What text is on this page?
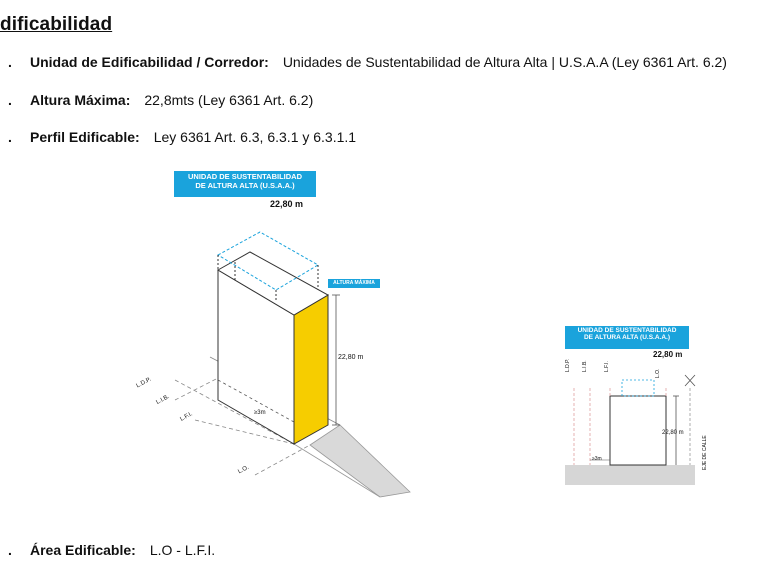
dificabilidad
. Unidad de Edificabilidad / Corredor: Unidades de Sustentabilidad de Altura Alta | U.S.A.A (Ley 6361 Art. 6.2)
. Altura Máxima: 22,8mts (Ley 6361 Art. 6.2)
. Perfil Edificable: Ley 6361 Art. 6.3, 6.3.1 y 6.3.1.1
UNIDAD DE SUSTENTABILIDAD
DE ALTURA ALTA (U.S.A.A.)
22,80 m
ALTURA MÁXIMA
22,80 m
≥3m
L.D.P.
L.I.B.
L.F.I.
L.O.
UNIDAD DE SUSTENTABILIDAD
DE ALTURA ALTA (U.S.A.A.)
22,80 m
L.D.P. L.I.B.	L.F.I.
L.O.
22,80 m
EJE DE CALLE
≥3m
. Área Edificable: L.O - L.F.I.
